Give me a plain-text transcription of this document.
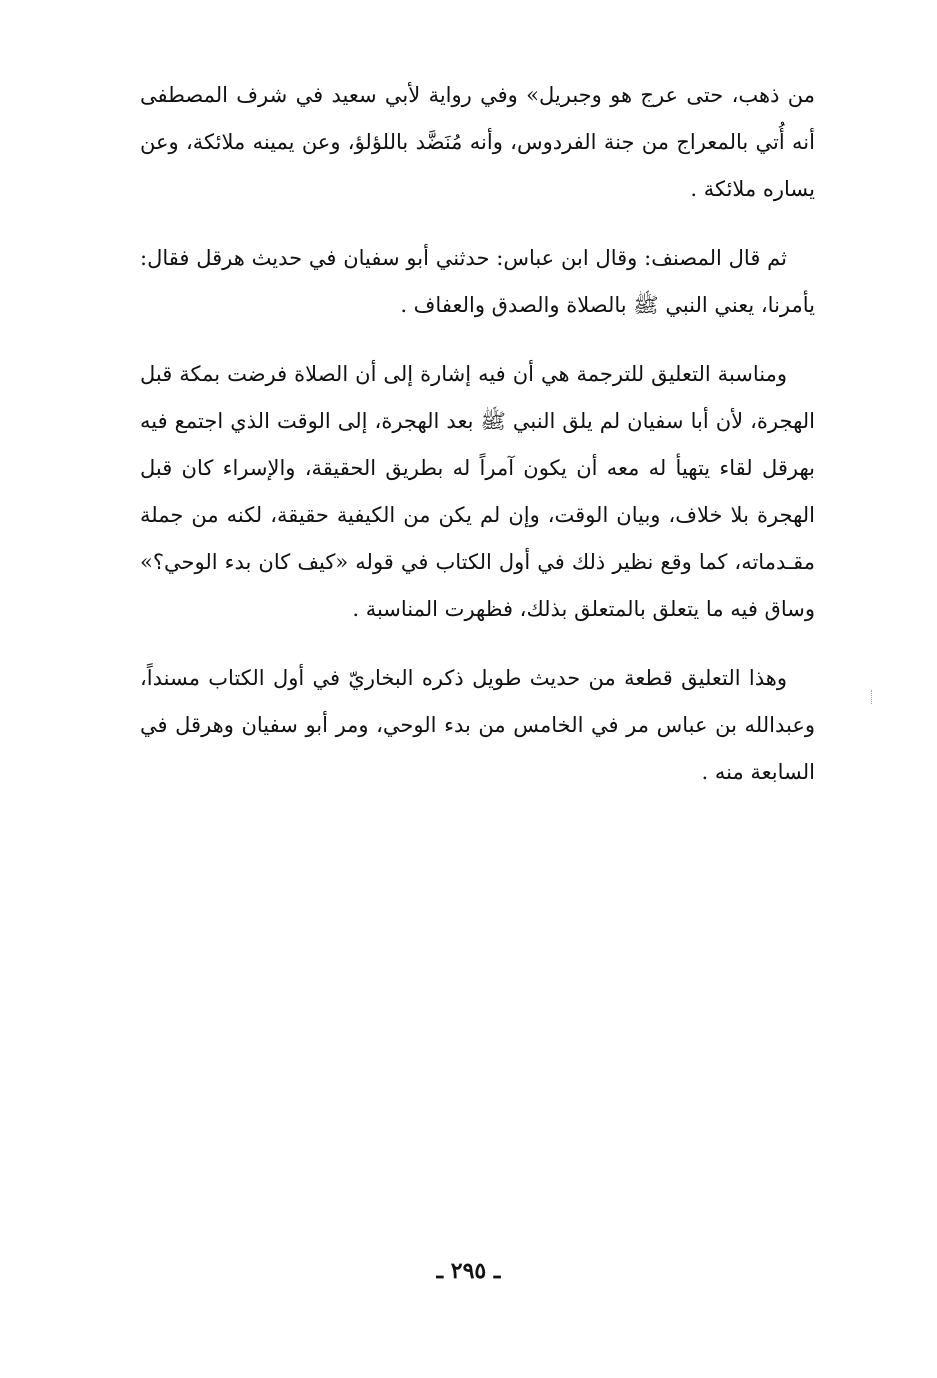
من ذهب، حتى عرج هو وجبريل» وفي رواية لأبي سعيد في شرف المصطفى أنه أُتي بالمعراج من جنة الفردوس، وأنه مُنَضَّد باللؤلؤ، وعن يمينه ملائكة، وعن يساره ملائكة .

ثم قال المصنف: وقال ابن عباس: حدثني أبو سفيان في حديث هرقل فقال: يأمرنا، يعني النبي ﷺ بالصلاة والصدق والعفاف .

ومناسبة التعليق للترجمة هي أن فيه إشارة إلى أن الصلاة فرضت بمكة قبل الهجرة، لأن أبا سفيان لم يلق النبي ﷺ بعد الهجرة، إلى الوقت الذي اجتمع فيه بهرقل لقاء يتهيأ له معه أن يكون آمراً له بطريق الحقيقة، والإسراء كان قبل الهجرة بلا خلاف، وبيان الوقت، وإن لم يكن من الكيفية حقيقة، لكنه من جملة مقـدماته، كما وقع نظير ذلك في أول الكتاب في قوله «كيف كان بدء الوحي؟» وساق فيه ما يتعلق بالمتعلق بذلك، فظهرت المناسبة .

وهذا التعليق قطعة من حديث طويل ذكره البخاريّ في أول الكتاب مسنداً، وعبدالله بن عباس مر في الخامس من بدء الوحي، ومر أبو سفيان وهرقل في السابعة منه .

ـ ٢٩٥ ـ
